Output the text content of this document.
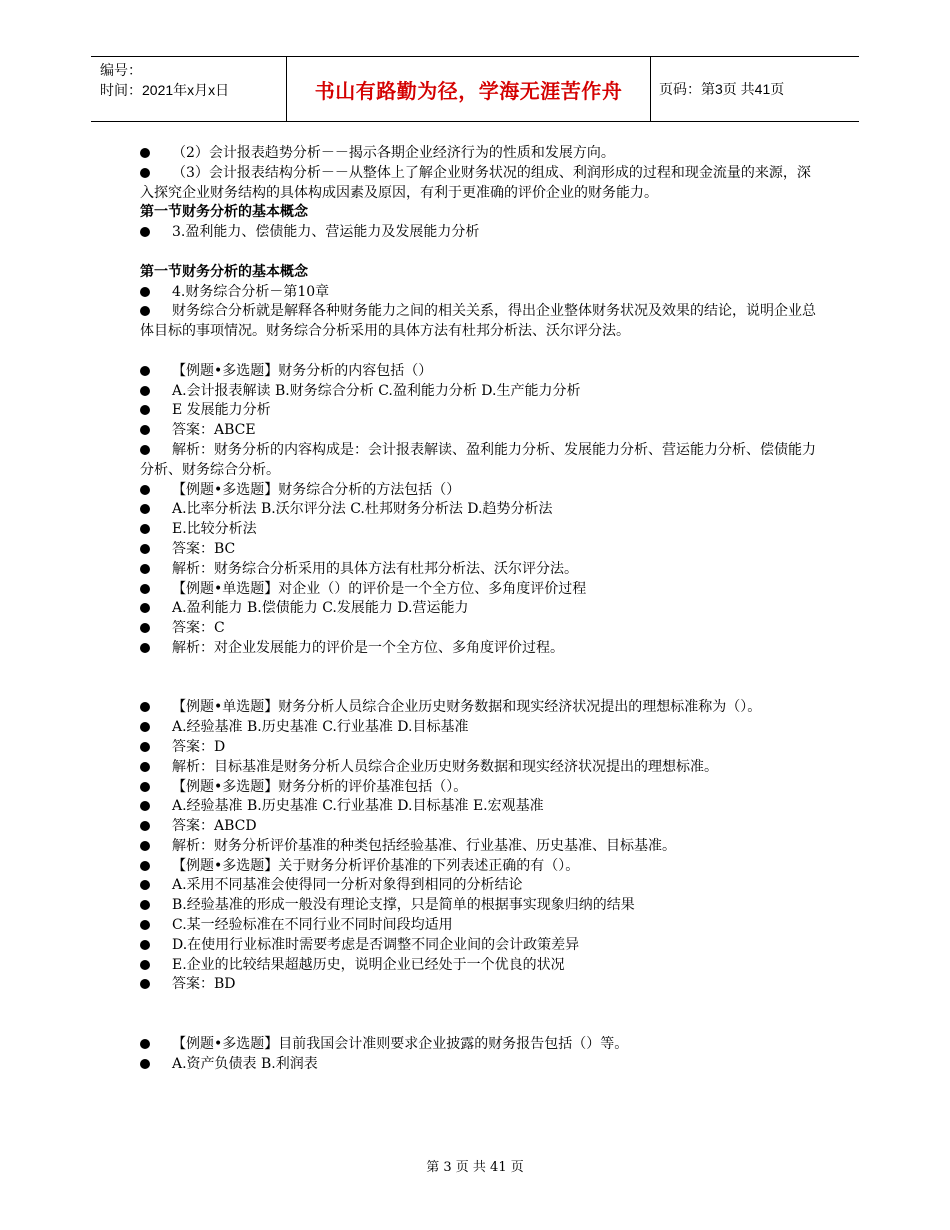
编号：
时间：2021年x月x日	书山有路勤为径，学海无涯苦作舟	页码：第3页 共41页
（2）会计报表趋势分析－－揭示各期企业经济行为的性质和发展方向。
（3）会计报表结构分析－－从整体上了解企业财务状况的组成、利润形成的过程和现金流量的来源，深入探究企业财务结构的具体构成因素及原因，有利于更准确的评价企业的财务能力。
第一节财务分析的基本概念
3.盈利能力、偿债能力、营运能力及发展能力分析
第一节财务分析的基本概念
4.财务综合分析－第10章
财务综合分析就是解释各种财务能力之间的相关关系，得出企业整体财务状况及效果的结论，说明企业总体目标的事项情况。财务综合分析采用的具体方法有杜邦分析法、沃尔评分法。
【例题•多选题】财务分析的内容包括（）
A.会计报表解读 B.财务综合分析 C.盈利能力分析 D.生产能力分析
E 发展能力分析
答案：ABCE
解析：财务分析的内容构成是：会计报表解读、盈利能力分析、发展能力分析、营运能力分析、偿债能力分析、财务综合分析。
【例题•多选题】财务综合分析的方法包括（）
A.比率分析法 B.沃尔评分法 C.杜邦财务分析法 D.趋势分析法
E.比较分析法
答案：BC
解析：财务综合分析采用的具体方法有杜邦分析法、沃尔评分法。
【例题•单选题】对企业（）的评价是一个全方位、多角度评价过程
A.盈利能力 B.偿债能力 C.发展能力 D.营运能力
答案：C
解析：对企业发展能力的评价是一个全方位、多角度评价过程。
【例题•单选题】财务分析人员综合企业历史财务数据和现实经济状况提出的理想标准称为（）。
A.经验基准 B.历史基准 C.行业基准 D.目标基准
答案：D
解析：目标基准是财务分析人员综合企业历史财务数据和现实经济状况提出的理想标准。
【例题•多选题】财务分析的评价基准包括（）。
A.经验基准 B.历史基准 C.行业基准 D.目标基准 E.宏观基准
答案：ABCD
解析：财务分析评价基准的种类包括经验基准、行业基准、历史基准、目标基准。
【例题•多选题】关于财务分析评价基准的下列表述正确的有（）。
A.采用不同基准会使得同一分析对象得到相同的分析结论
B.经验基准的形成一般没有理论支撑，只是简单的根据事实现象归纳的结果
C.某一经验标准在不同行业不同时间段均适用
D.在使用行业标准时需要考虑是否调整不同企业间的会计政策差异
E.企业的比较结果超越历史，说明企业已经处于一个优良的状况
答案：BD
【例题•多选题】目前我国会计准则要求企业披露的财务报告包括（）等。
A.资产负债表 B.利润表
第 3 页 共 41 页
